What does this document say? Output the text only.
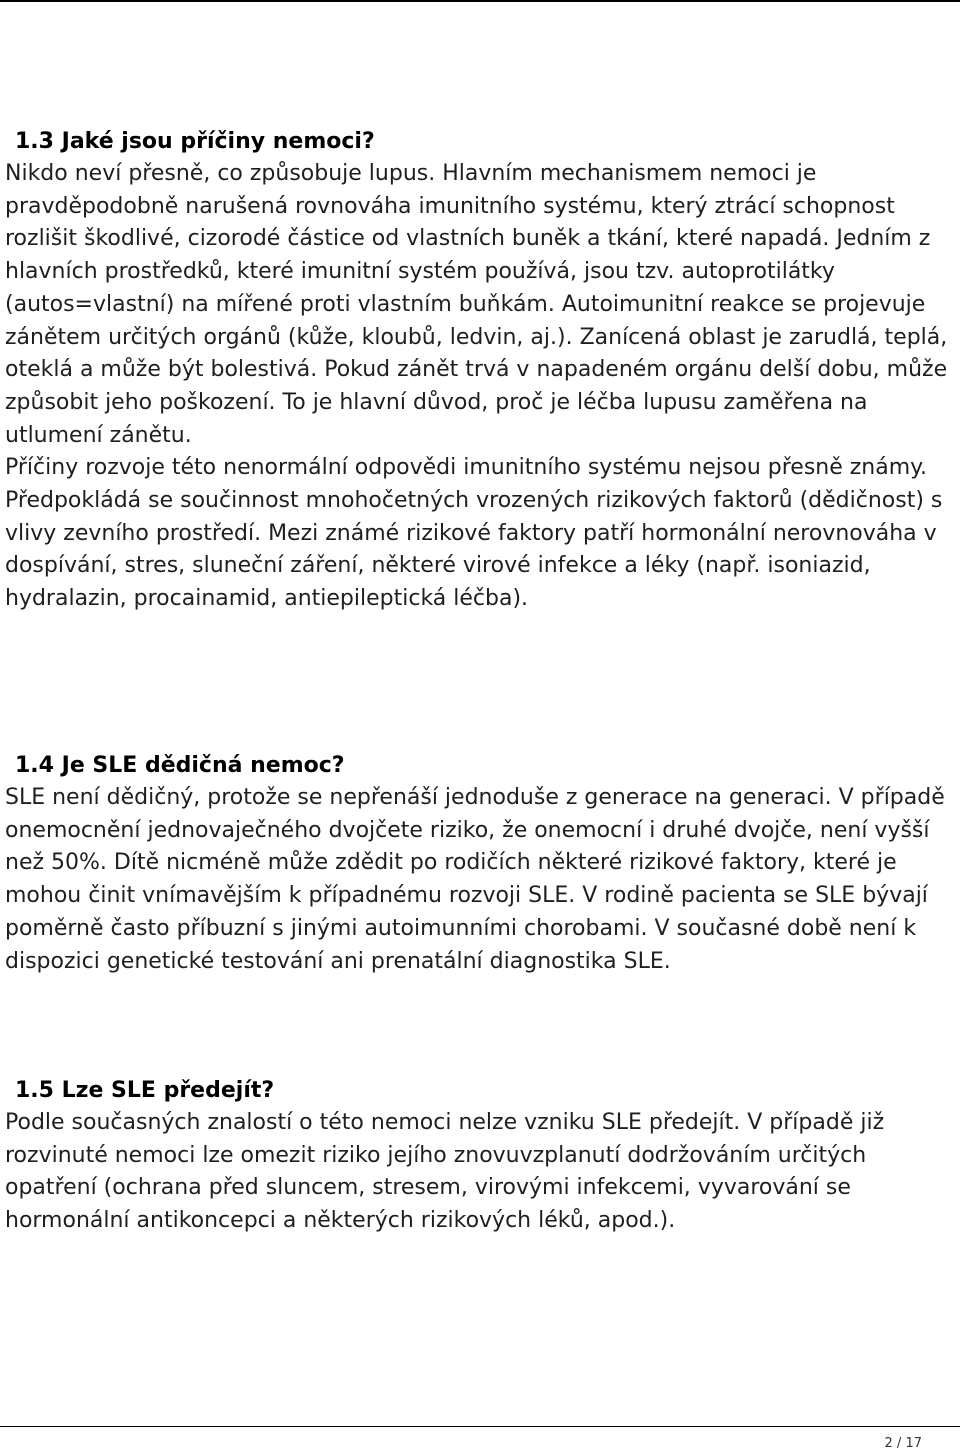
1.3 Jaké jsou příčiny nemoci?

Nikdo neví přesně, co způsobuje lupus. Hlavním mechanismem nemoci je pravděpodobně narušená rovnováha imunitního systému, který ztrácí schopnost rozlišit škodlivé, cizorodé částice od vlastních buněk a tkání, které napadá. Jedním z hlavních prostředků, které imunitní systém používá, jsou tzv. autoprotilátky (autos=vlastní) na mířené proti vlastním buňkám. Autoimunitní reakce se projevuje zánětem určitých orgánů (kůže, kloubů, ledvin, aj.). Zanícená oblast je zarudlá, teplá, oteklá a může být bolestivá. Pokud zánět trvá v napadeném orgánu delší dobu, může způsobit jeho poškození. To je hlavní důvod, proč je léčba lupusu zaměřena na utlumení zánětu.

Příčiny rozvoje této nenormální odpovědi imunitního systému nejsou přesně známy. Předpokládá se součinnost mnohočetných vrozených rizikových faktorů (dědičnost) s vlivy zevního prostředí. Mezi známé rizikové faktory patří hormonální nerovnováha v dospívání, stres, sluneční záření, některé virové infekce a léky (např. isoniazid, hydralazin, procainamid, antiepileptická léčba).

1.4 Je SLE dědičná nemoc?

SLE není dědičný, protože se nepřenáší jednoduše z generace na generaci. V případě onemocnění jednovaječného dvojčete riziko, že onemocní i druhé dvojče, není vyšší než 50%. Dítě nicméně může zdědit po rodičích některé rizikové faktory, které je mohou činit vnímavějším k případnému rozvoji SLE. V rodině pacienta se SLE bývají poměrně často příbuzní s jinými autoimunními chorobami. V současné době není k dispozici genetické testování ani prenatální diagnostika SLE.

1.5 Lze SLE předejít?

Podle současných znalostí o této nemoci nelze vzniku SLE předejít. V případě již rozvinuté nemoci lze omezit riziko jejího znovuvzplanutí dodržováním určitých opatření (ochrana před sluncem, stresem, virovými infekcemi, vyvarování se hormonální antikoncepci a některých rizikových léků, apod.).

2 / 17
